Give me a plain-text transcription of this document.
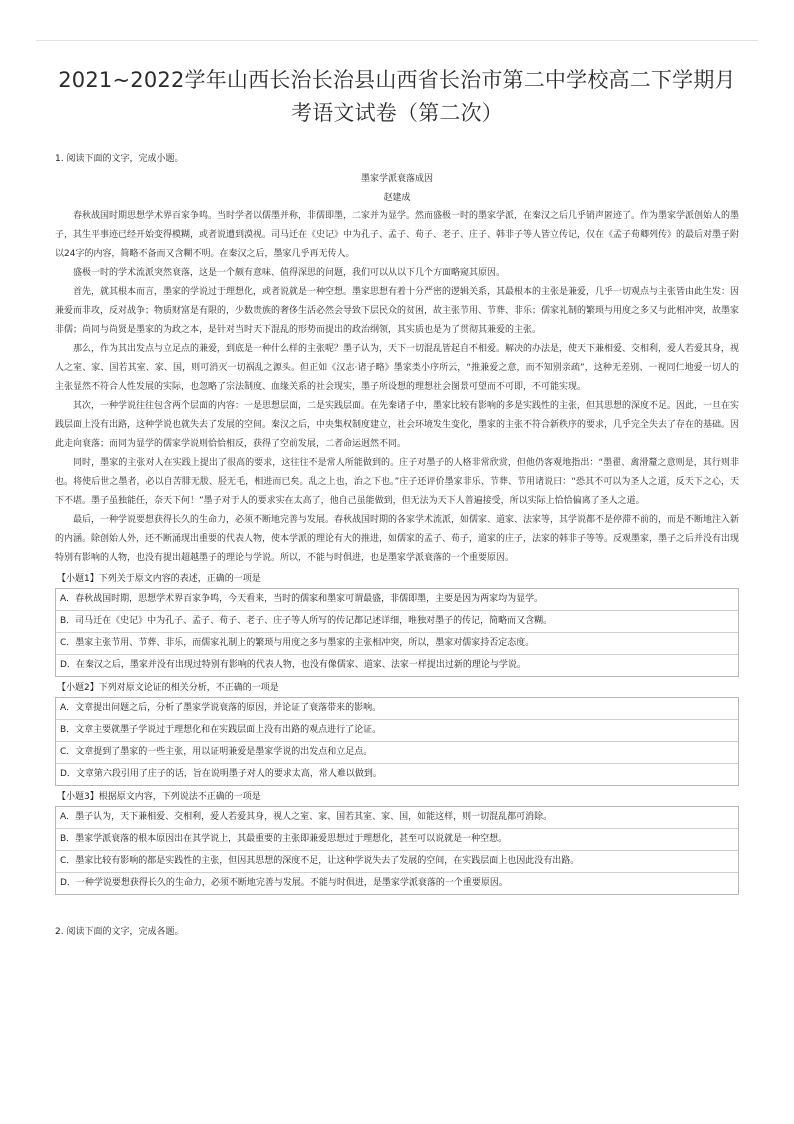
2021~2022学年山西长治长治县山西省长治市第二中学校高二下学期月考语文试卷（第二次）
1. 阅读下面的文字，完成小题。
墨家学派衰落成因
赵建成

春秋战国时期思想学术界百家争鸣。当时学者以儒墨并称，非儒即墨，二家并为显学。然而盛极一时的墨家学派，在秦汉之后几乎销声匿迹了。作为墨家学派创始人的墨子，其生平事迹已经开始变得模糊，或者说遭到漠视。司马迁在《史记》中为孔子、孟子、荀子、老子、庄子、韩非子等人皆立传记，仅在《孟子荀卿列传》的最后对墨子附以24字的内容，简略不备而又含糊不明。在秦汉之后，墨家几乎再无传人。

盛极一时的学术流派突然衰落，这是一个颇有意味、值得深思的问题，我们可以从以下几个方面略窥其原因。

首先，就其根本而言，墨家的学说过于理想化，或者说就是一种空想。墨家思想有着十分严密的逻辑关系，其最根本的主张是兼爱，几乎一切观点与主张皆由此生发：因兼爱而非攻，反对战争；物质财富是有限的，少数贵族的奢侈生活必然会导致下层民众的贫困，故主张节用、节葬、非乐；儒家礼制的繁琐与用度之多又与此相冲突，故墨家非儒；尚同与尚贤是墨家的为政之本，是针对当时天下混乱的形势而提出的政治纲领，其实质也是为了贯彻其兼爱的主张。

那么，作为其出发点与立足点的兼爱，到底是一种什么样的主张呢？墨子认为，天下一切混乱皆起自不相爱。解决的办法是，使天下兼相爱、交相利，爱人若爱其身，视人之室、家、国若其室、家、国，则可消灭一切祸乱之源头。但正如《汉志·诸子略》墨家类小序所云，“推兼爱之意，而不知别亲疏”，这种无差别、一视同仁地爱一切人的主张显然不符合人性发展的实际，也忽略了宗法制度、血缘关系的社会现实，墨子所设想的理想社会图景可望而不可即，不可能实现。

其次，一种学说往往包含两个层面的内容：一是思想层面，二是实践层面。在先秦诸子中，墨家比较有影响的多是实践性的主张，但其思想的深度不足。因此，一旦在实践层面上没有出路，这种学说也就失去了发展的空间。秦汉之后，中央集权制度建立，社会环境发生变化，墨家的主张不符合新秩序的要求，几乎完全失去了存在的基础。因此走向衰落；而同为显学的儒家学说则恰恰相反，获得了空前发展，二者命运迥然不同。

同时，墨家的主张对人在实践上提出了很高的要求，这往往不是常人所能做到的。庄子对墨子的人格非常欣赏，但他仍客观地指出：“墨翟、禽滑釐之意则是，其行则非也。将使后世之墨者，必以自苦腓无胈、胫无毛，相进而已矣。乱之上也，治之下也。”庄子还评价墨家非乐、节葬、节用诸说曰：“恐其不可以为圣人之道，反天下之心，天下不堪。墨子虽独能任，奈天下何！”墨子对于人的要求实在太高了，他自己虽能做到，但无法为天下人普遍接受，所以实际上恰恰偏离了圣人之道。

最后，一种学说要想获得长久的生命力，必须不断地完善与发展。春秋战国时期的各家学术流派，如儒家、道家、法家等，其学说都不是停滞不前的，而是不断地注入新的内涵。除创始人外，还不断涌现出重要的代表人物，使本学派的理论有大的推进，如儒家的孟子、荀子，道家的庄子，法家的韩非子等等。反观墨家，墨子之后并没有出现特别有影响的人物，也没有提出超越墨子的理论与学说。所以，不能与时俱进，也是墨家学派衰落的一个重要原因。

【小题1】下列关于原文内容的表述，正确的一项是
A．春秋战国时期，思想学术界百家争鸣，今天看来，当时的儒家和墨家可谓最盛，非儒即墨，主要是因为两家均为显学。
B．司马迁在《史记》中为孔子、孟子、荀子、老子、庄子等人所写的传记都记述详细，唯独对墨子的传记，简略而又含糊。
C．墨家主张节用、节葬、非乐，而儒家礼制上的繁琐与用度之多与墨家的主张相冲突，所以，墨家对儒家持否定态度。
D．在秦汉之后，墨家并没有出现过特别有影响的代表人物，也没有像儒家、道家、法家一样提出过新的理论与学说。
【小题2】下列对原文论证的相关分析，不正确的一项是
A．文章提出问题之后，分析了墨家学说衰落的原因，并论证了衰落带来的影响。
B．文章主要就墨子学说过于理想化和在实践层面上没有出路的观点进行了论证。
C．文章提到了墨家的一些主张，用以证明兼爱是墨家学说的出发点和立足点。
D．文章第六段引用了庄子的话，旨在说明墨子对人的要求太高，常人难以做到。
【小题3】根据原文内容，下列说法不正确的一项是
A．墨子认为，天下兼相爱、交相利，爱人若爱其身，视人之室、家、国若其室、家、国，如能这样，则一切混乱都可消除。
B．墨家学派衰落的根本原因出在其学说上，其最重要的主张即兼爱思想过于理想化，甚至可以说就是一种空想。
C．墨家比较有影响的都是实践性的主张，但因其思想的深度不足，让这种学说失去了发展的空间，在实践层面上也因此没有出路。
D．一种学说要想获得长久的生命力，必须不断地完善与发展。不能与时俱进，是墨家学派衰落的一个重要原因。
2. 阅读下面的文字，完成各题。
